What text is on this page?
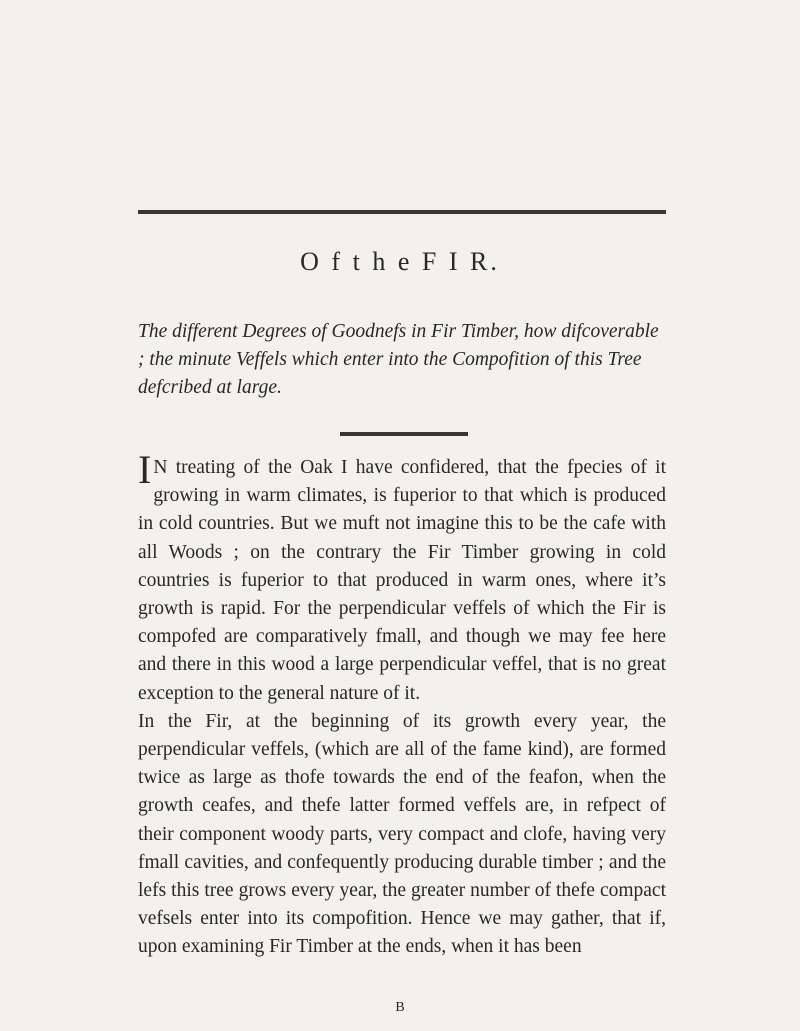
O f t h e F I R.
The different Degrees of Goodnefs in Fir Timber, how difcoverable ; the minute Veffels which enter into the Compofition of this Tree defcribed at large.

I N treating of the Oak I have confidered, that the fpecies of it growing in warm climates, is fuperior to that which is produced in cold countries. But we muft not imagine this to be the cafe with all Woods ; on the contrary the Fir Timber growing in cold countries is fuperior to that produced in warm ones, where it’s growth is rapid. For the perpendicular veffels of which the Fir is compofed are comparatively fmall, and though we may fee here and there in this wood a large perpendicular veffel, that is no great exception to the general nature of it.

In the Fir, at the beginning of its growth every year, the perpendicular veffels, (which are all of the fame kind), are formed twice as large as thofe towards the end of the feafon, when the growth ceafes, and thefe latter formed veffels are, in refpect of their component woody parts, very compact and clofe, having very fmall cavities, and confequently producing durable timber ; and the lefs this tree grows every year, the greater number of thefe compact vefsels enter into its compofition. Hence we may gather, that if, upon examining Fir Timber at the ends, when it has been

B
